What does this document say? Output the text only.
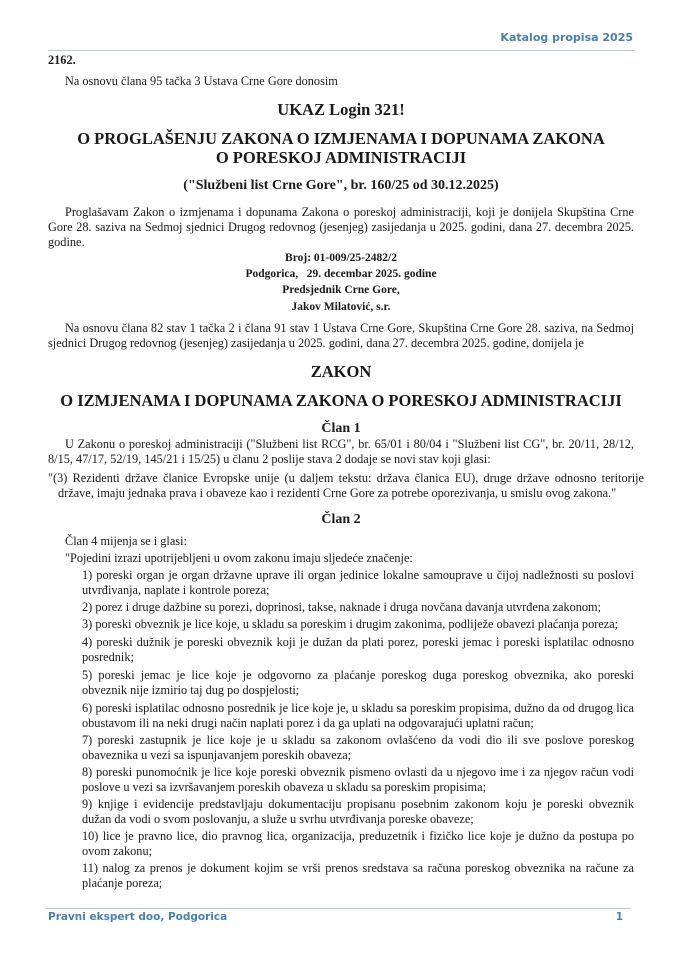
Katalog propisa 2025
2162.
Na osnovu člana 95 tačka 3 Ustava Crne Gore donosim
UKAZ Login 321!
O PROGLAŠENJU ZAKONA O IZMJENAMA I DOPUNAMA ZAKONA O PORESKOJ ADMINISTRACIJI
("Službeni list Crne Gore", br. 160/25 od 30.12.2025)
Proglašavam Zakon o izmjenama i dopunama Zakona o poreskoj administraciji, koji je donijela Skupština Crne Gore 28. saziva na Sedmoj sjednici Drugog redovnog (jesenjeg) zasijedanja u 2025. godini, dana 27. decembra 2025. godine.
Broj: 01-009/25-2482/2
Podgorica,   29. decembar 2025. godine
Predsjednik Crne Gore,
Jakov Milatović, s.r.
Na osnovu člana 82 stav 1 tačka 2 i člana 91 stav 1 Ustava Crne Gore, Skupština Crne Gore 28. saziva, na Sedmoj sjednici Drugog redovnog (jesenjeg) zasijedanja u 2025. godini, dana 27. decembra 2025. godine, donijela je
ZAKON
O IZMJENAMA I DOPUNAMA ZAKONA O PORESKOJ ADMINISTRACIJI
Član 1
U Zakonu o poreskoj administraciji ("Službeni list RCG", br. 65/01 i 80/04 i "Službeni list CG", br. 20/11, 28/12, 8/15, 47/17, 52/19, 145/21 i 15/25) u članu 2 poslije stava 2 dodaje se novi stav koji glasi:
"(3) Rezidenti države članice Evropske unije (u daljem tekstu: država članica EU), druge države odnosno teritorije države, imaju jednaka prava i obaveze kao i rezidenti Crne Gore za potrebe oporezivanja, u smislu ovog zakona."
Član 2
Član 4 mijenja se i glasi:
"Pojedini izrazi upotrijebljeni u ovom zakonu imaju sljedeće značenje:
1) poreski organ je organ državne uprave ili organ jedinice lokalne samouprave u čijoj nadležnosti su poslovi utvrđivanja, naplate i kontrole poreza;
2) porez i druge dažbine su porezi, doprinosi, takse, naknade i druga novčana davanja utvrđena zakonom;
3) poreski obveznik je lice koje, u skladu sa poreskim i drugim zakonima, podliježe obavezi plaćanja poreza;
4) poreski dužnik je poreski obveznik koji je dužan da plati porez, poreski jemac i poreski isplatilac odnosno posrednik;
5) poreski jemac je lice koje je odgovorno za plaćanje poreskog duga poreskog obveznika, ako poreski obveznik nije izmirio taj dug po dospjelosti;
6) poreski isplatilac odnosno posrednik je lice koje je, u skladu sa poreskim propisima, dužno da od drugog lica obustavom ili na neki drugi način naplati porez i da ga uplati na odgovarajući uplatni račun;
7) poreski zastupnik je lice koje je u skladu sa zakonom ovlašćeno da vodi dio ili sve poslove poreskog obaveznika u vezi sa ispunjavanjem poreskih obaveza;
8) poreski punomoćnik je lice koje poreski obveznik pismeno ovlasti da u njegovo ime i za njegov račun vodi poslove u vezi sa izvršavanjem poreskih obaveza u skladu sa poreskim propisima;
9) knjige i evidencije predstavljaju dokumentaciju propisanu posebnim zakonom koju je poreski obveznik dužan da vodi o svom poslovanju, a služe u svrhu utvrđivanja poreske obaveze;
10) lice je pravno lice, dio pravnog lica, organizacija, preduzetnik i fizičko lice koje je dužno da postupa po ovom zakonu;
11) nalog za prenos je dokument kojim se vrši prenos sredstava sa računa poreskog obveznika na račune za plaćanje poreza;
Pravni ekspert doo, Podgorica	1
